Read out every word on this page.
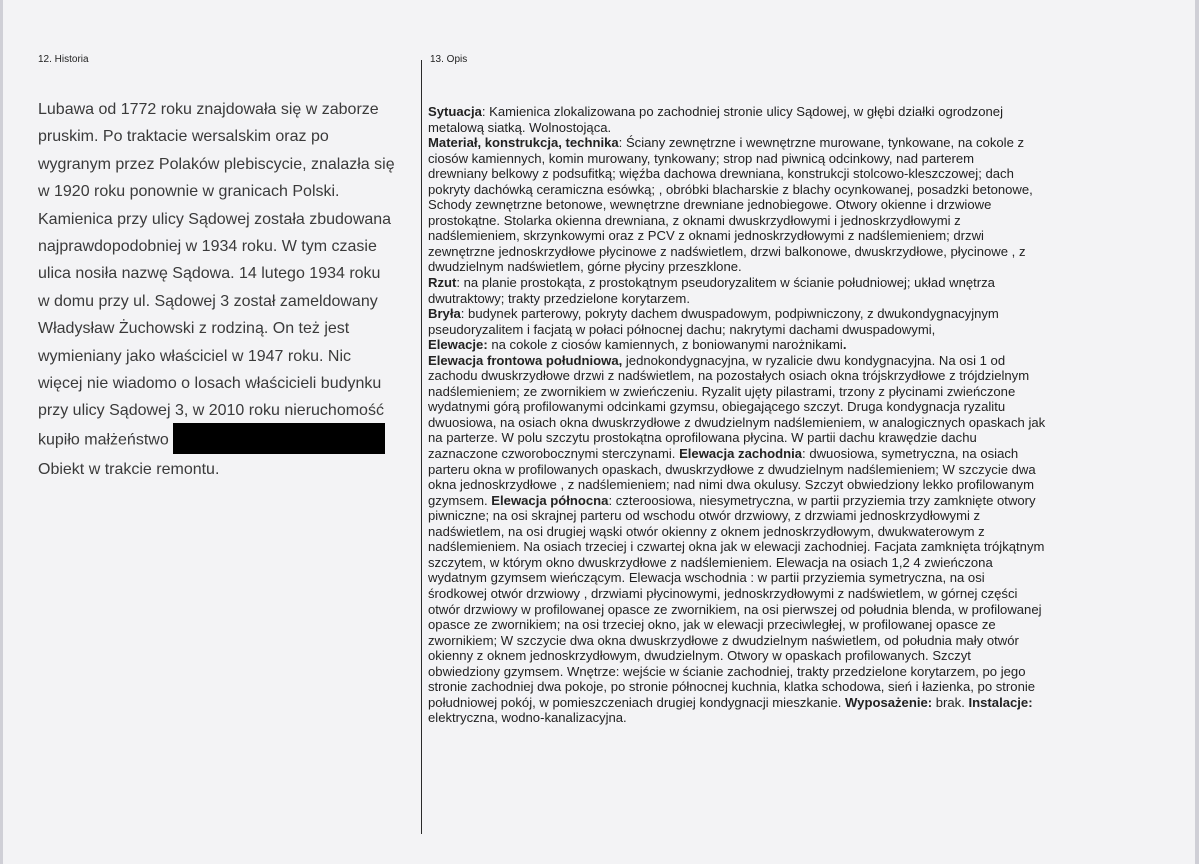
12. Historia	13. Opis
Lubawa od 1772 roku znajdowała się w zaborze
pruskim. Po traktacie wersalskim oraz po
wygranym przez Polaków plebiscycie, znalazła się
w 1920 roku ponownie w granicach Polski.
Kamienica przy ulicy Sądowej została zbudowana
najprawdopodobniej w 1934 roku. W tym czasie
ulica nosiła nazwę Sądowa. 14 lutego 1934 roku
w domu przy ul. Sądowej 3 został zameldowany
Władysław Żuchowski z rodziną. On też jest
wymieniany jako właściciel w 1947 roku. Nic
więcej nie wiadomo o losach właścicieli budynku
przy ulicy Sądowej 3, w 2010 roku nieruchomość
kupiło małżeństwo
Obiekt w trakcie remontu.
Sytuacja: Kamienica zlokalizowana po zachodniej stronie ulicy Sądowej, w głębi działki ogrodzonej
metalową siatką. Wolnostojąca.
Materiał, konstrukcja, technika: Ściany zewnętrzne i wewnętrzne murowane, tynkowane, na cokole z
ciosów kamiennych, komin murowany, tynkowany; strop nad piwnicą odcinkowy, nad parterem
drewniany belkowy z podsufitką; więźba dachowa drewniana, konstrukcji stolcowo-kleszczowej; dach
pokryty dachówką ceramiczna esówką; , obróbki blacharskie z blachy ocynkowanej, posadzki betonowe,
Schody zewnętrzne betonowe, wewnętrzne drewniane jednobiegowe. Otwory okienne i drzwiowe
prostokątne. Stolarka okienna drewniana, z oknami dwuskrzydłowymi i jednoskrzydłowymi z
nadślemieniem, skrzynkowymi oraz z PCV z oknami jednoskrzydłowymi z nadślemieniem; drzwi
zewnętrzne jednoskrzydłowe płycinowe z nadświetlem, drzwi balkonowe, dwuskrzydłowe, płycinowe , z
dwudzielnym nadświetlem, górne płyciny przeszklone.
Rzut: na planie prostokąta, z prostokątnym pseudoryzalitem w ścianie południowej; układ wnętrza
dwutraktowy; trakty przedzielone korytarzem.
Bryła: budynek parterowy, pokryty dachem dwuspadowym, podpiwniczony, z dwukondygnacyjnym
pseudoryzalitem i facjatą w połaci północnej dachu; nakrytymi dachami dwuspadowymi,
Elewacje: na cokole z ciosów kamiennych, z boniowanymi narożnikami.
Elewacja frontowa południowa, jednokondygnacyjna, w ryzalicie dwu kondygnacyjna. Na osi 1 od
zachodu dwuskrzydłowe drzwi z nadświetlem, na pozostałych osiach okna trójskrzydłowe z trójdzielnym
nadślemieniem; ze zwornikiem w zwieńczeniu. Ryzalit ujęty pilastrami, trzony z płycinami zwieńczone
wydatnymi górą profilowanymi odcinkami gzymsu, obiegającego szczyt. Druga kondygnacja ryzalitu
dwuosiowa, na osiach okna dwuskrzydłowe z dwudzielnym nadślemieniem, w analogicznych opaskach jak
na parterze. W polu szczytu prostokątna oprofilowana płycina. W partii dachu krawędzie dachu
zaznaczone czworobocznymi sterczynami. Elewacja zachodnia: dwuosiowa, symetryczna, na osiach
parteru okna w profilowanych opaskach, dwuskrzydłowe z dwudzielnym nadślemieniem; W szczycie dwa
okna jednoskrzydłowe , z nadślemieniem; nad nimi dwa okulusy. Szczyt obwiedziony lekko profilowanym
gzymsem. Elewacja północna: czteroosiowa, niesymetryczna, w partii przyziemia trzy zamknięte otwory
piwniczne; na osi skrajnej parteru od wschodu otwór drzwiowy, z drzwiami jednoskrzydłowymi z
nadświetlem, na osi drugiej wąski otwór okienny z oknem jednoskrzydłowym, dwukwaterowym z
nadślemieniem. Na osiach trzeciej i czwartej okna jak w elewacji zachodniej. Facjata zamknięta trójkątnym
szczytem, w którym okno dwuskrzydłowe z nadślemieniem. Elewacja na osiach 1,2 4 zwieńczona
wydatnym gzymsem wieńczącym. Elewacja wschodnia : w partii przyziemia symetryczna, na osi
środkowej otwór drzwiowy , drzwiami płycinowymi, jednoskrzydłowymi z nadświetlem, w górnej części
otwór drzwiowy w profilowanej opasce ze zwornikiem, na osi pierwszej od południa blenda, w profilowanej
opasce ze zwornikiem; na osi trzeciej okno, jak w elewacji przeciwległej, w profilowanej opasce ze
zwornikiem; W szczycie dwa okna dwuskrzydłowe z dwudzielnym naświetlem, od południa mały otwór
okienny z oknem jednoskrzydłowym, dwudzielnym. Otwory w opaskach profilowanych. Szczyt
obwiedziony gzymsem. Wnętrze: wejście w ścianie zachodniej, trakty przedzielone korytarzem, po jego
stronie zachodniej dwa pokoje, po stronie północnej kuchnia, klatka schodowa, sień i łazienka, po stronie
południowej pokój, w pomieszczeniach drugiej kondygnacji mieszkanie. Wyposażenie: brak. Instalacje:
elektryczna, wodno-kanalizacyjna.
